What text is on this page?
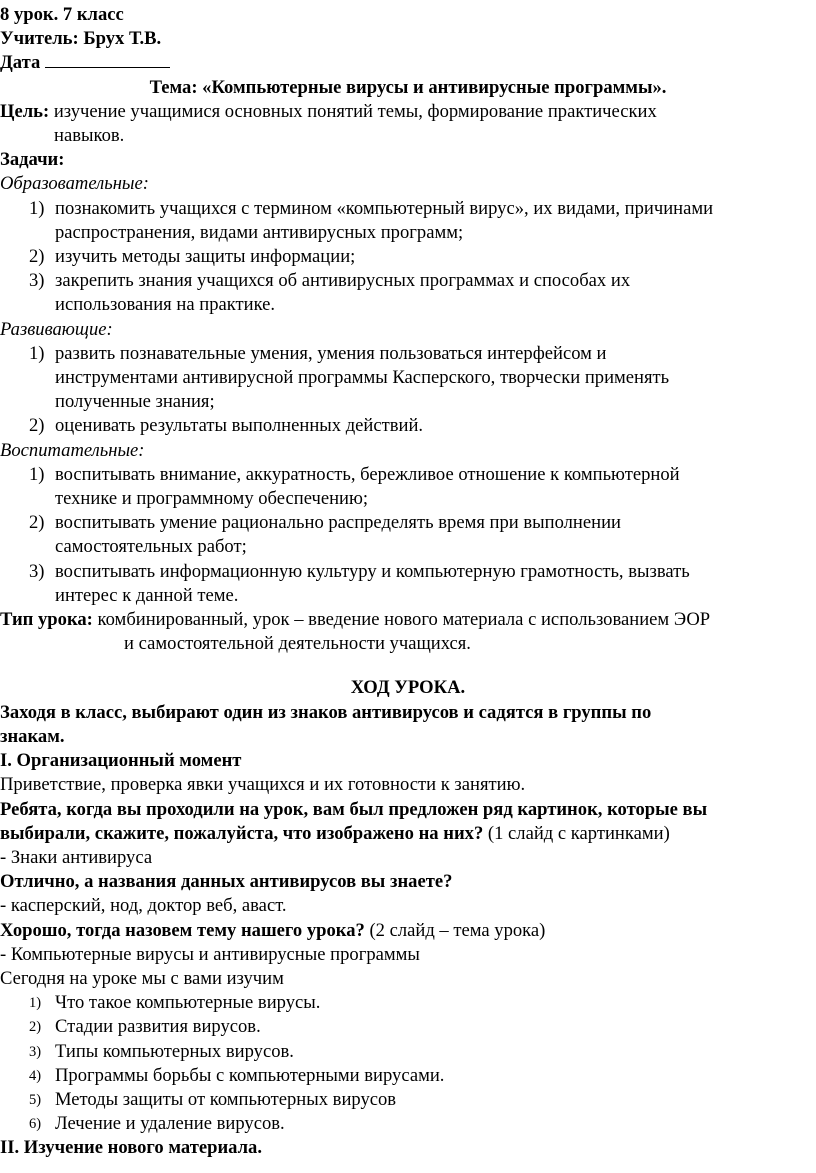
8 урок. 7 класс
Учитель: Брух Т.В.
Дата
Тема: «Компьютерные вирусы и антивирусные программы».
Цель: изучение учащимися основных понятий темы, формирование практических
навыков.
Задачи:
Образовательные:
1) познакомить учащихся с термином «компьютерный вирус», их видами, причинами
распространения, видами антивирусных программ;
2) изучить методы защиты информации;
3) закрепить знания учащихся об антивирусных программах и способах их
использования на практике.
Развивающие:
1) развить познавательные умения, умения пользоваться интерфейсом и
инструментами антивирусной программы Касперского, творчески применять
полученные знания;
2) оценивать результаты выполненных действий.
Воспитательные:
1) воспитывать внимание, аккуратность, бережливое отношение к компьютерной
технике и программному обеспечению;
2) воспитывать умение рационально распределять время при выполнении
самостоятельных работ;
3) воспитывать информационную культуру и компьютерную грамотность, вызвать
интерес к данной теме.
Тип урока: комбинированный, урок – введение нового материала с использованием ЭОР
и самостоятельной деятельности учащихся.
ХОД УРОКА.
Заходя в класс, выбирают один из знаков антивирусов и садятся в группы по
знакам.
I. Организационный момент
Приветствие, проверка явки учащихся и их готовности к занятию.
Ребята, когда вы проходили на урок, вам был предложен ряд картинок, которые вы
выбирали, скажите, пожалуйста, что изображено на них? (1 слайд с картинками)
- Знаки антивируса
Отлично, а названия данных антивирусов вы знаете?
- касперский, нод, доктор веб, аваст.
Хорошо, тогда назовем тему нашего урока? (2 слайд – тема урока)
- Компьютерные вирусы и антивирусные программы
Сегодня на уроке мы с вами изучим
1) Что такое компьютерные вирусы.
2) Стадии развития вирусов.
3) Типы компьютерных вирусов.
4) Программы борьбы с компьютерными вирусами.
5) Методы защиты от компьютерных вирусов
6) Лечение и удаление вирусов.
II. Изучение нового материала.
